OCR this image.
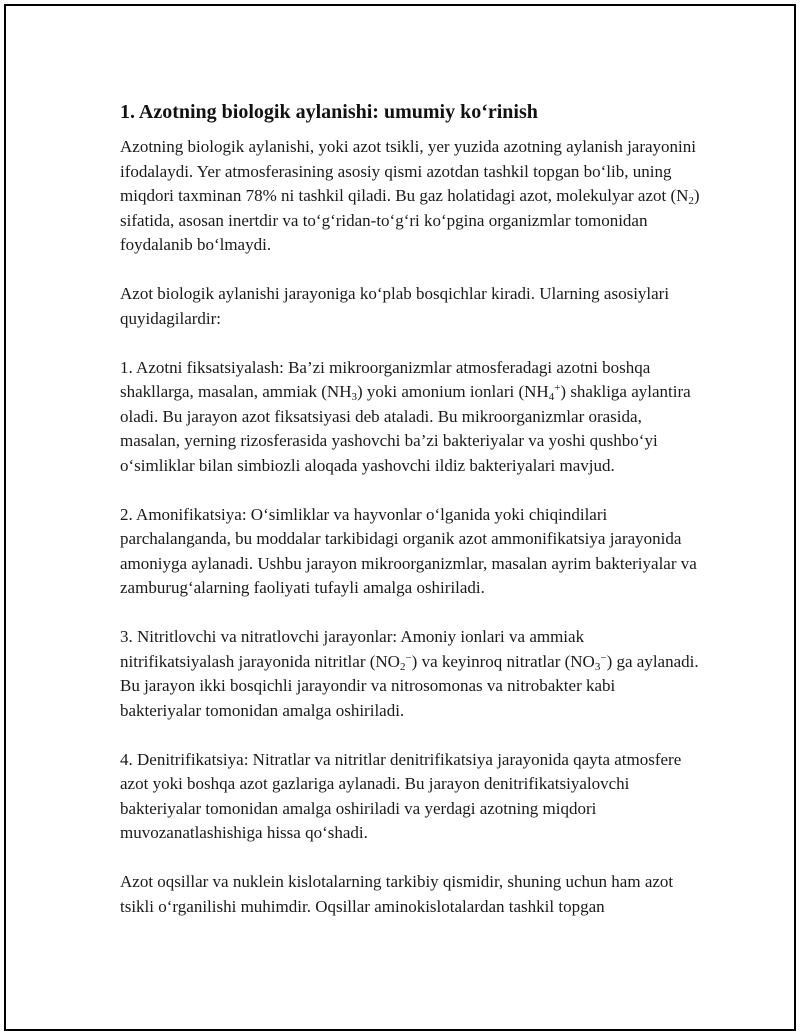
1. Azotning biologik aylanishi: umumiy ko‘rinish

Azotning biologik aylanishi, yoki azot tsikli, yer yuzida azotning aylanish jarayonini ifodalaydi. Yer atmosferasining asosiy qismi azotdan tashkil topgan bo‘lib, uning miqdori taxminan 78% ni tashkil qiladi. Bu gaz holatidagi azot, molekulyar azot $(N_2)$ sifatida, asosan inertdir va to‘g‘ridan-to‘g‘ri ko‘pgina organizmlar tomonidan foydalanib bo‘lmaydi.

Azot biologik aylanishi jarayoniga ko‘plab bosqichlar kiradi. Ularning asosiylari quyidagilardir:

1. Azotni fiksatsiyalash: Ba’zi mikroorganizmlar atmosferadagi azotni boshqa shakllarga, masalan, ammiak $(NH_3)$ yoki amonium ionlari $(NH_4^+)$ shakliga aylantira oladi. Bu jarayon azot fiksatsiyasi deb ataladi. Bu mikroorganizmlar orasida, masalan, yerning rizosferasida yashovchi ba’zi bakteriyalar va yoshi qushbo‘yi o‘simliklar bilan simbiozli aloqada yashovchi ildiz bakteriyalari mavjud.

2. Amonifikatsiya: O‘simliklar va hayvonlar o‘lganida yoki chiqindilari parchalanganda, bu moddalar tarkibidagi organik azot ammonifikatsiya jarayonida amoniyga aylanadi. Ushbu jarayon mikroorganizmlar, masalan ayrim bakteriyalar va zamburug‘alarning faoliyati tufayli amalga oshiriladi.

3. Nitritlovchi va nitratlovchi jarayonlar: Amoniy ionlari va ammiak nitrifikatsiyalash jarayonida nitritlar $(NO_2^-)$ va keyinroq nitratlar $(NO_3^-)$ ga aylanadi. Bu jarayon ikki bosqichli jarayondir va nitrosomonas va nitrobakter kabi bakteriyalar tomonidan amalga oshiriladi.

4. Denitrifikatsiya: Nitratlar va nitritlar denitrifikatsiya jarayonida qayta atmosfere azot yoki boshqa azot gazlariga aylanadi. Bu jarayon denitrifikatsiyalovchi bakteriyalar tomonidan amalga oshiriladi va yerdagi azotning miqdori muvozanatlashishiga hissa qo‘shadi.

Azot oqsillar va nuklein kislotalarning tarkibiy qismidir, shuning uchun ham azot tsikli o‘rganilishi muhimdir. Oqsillar aminokislotalardan tashkil topgan
